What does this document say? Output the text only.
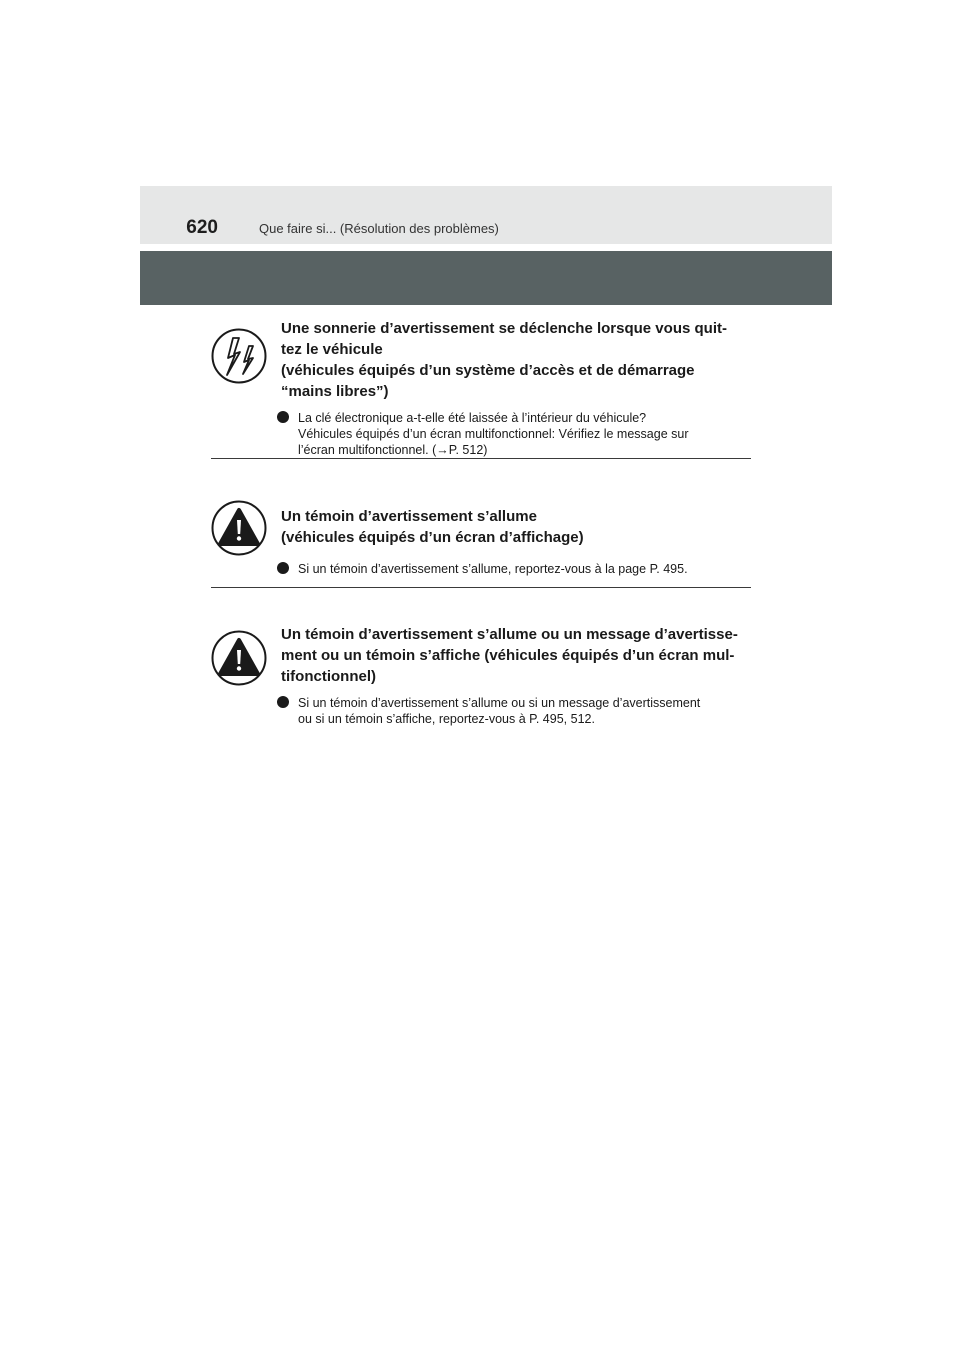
620	Que faire si... (Résolution des problèmes)
Une sonnerie d’avertissement se déclenche lorsque vous quit-
tez le véhicule
(véhicules équipés d’un système d’accès et de démarrage
“mains libres”)
La clé électronique a-t-elle été laissée à l’intérieur du véhicule?
Véhicules équipés d’un écran multifonctionnel: Vérifiez le message sur
l’écran multifonctionnel. (→P. 512)
Un témoin d’avertissement s’allume
(véhicules équipés d’un écran d’affichage)
Si un témoin d’avertissement s’allume, reportez-vous à la page P. 495.
Un témoin d’avertissement s’allume ou un message d’avertisse-
ment ou un témoin s’affiche (véhicules équipés d’un écran mul-
tifonctionnel)
Si un témoin d’avertissement s’allume ou si un message d’avertissement
ou si un témoin s’affiche, reportez-vous à P. 495, 512.
